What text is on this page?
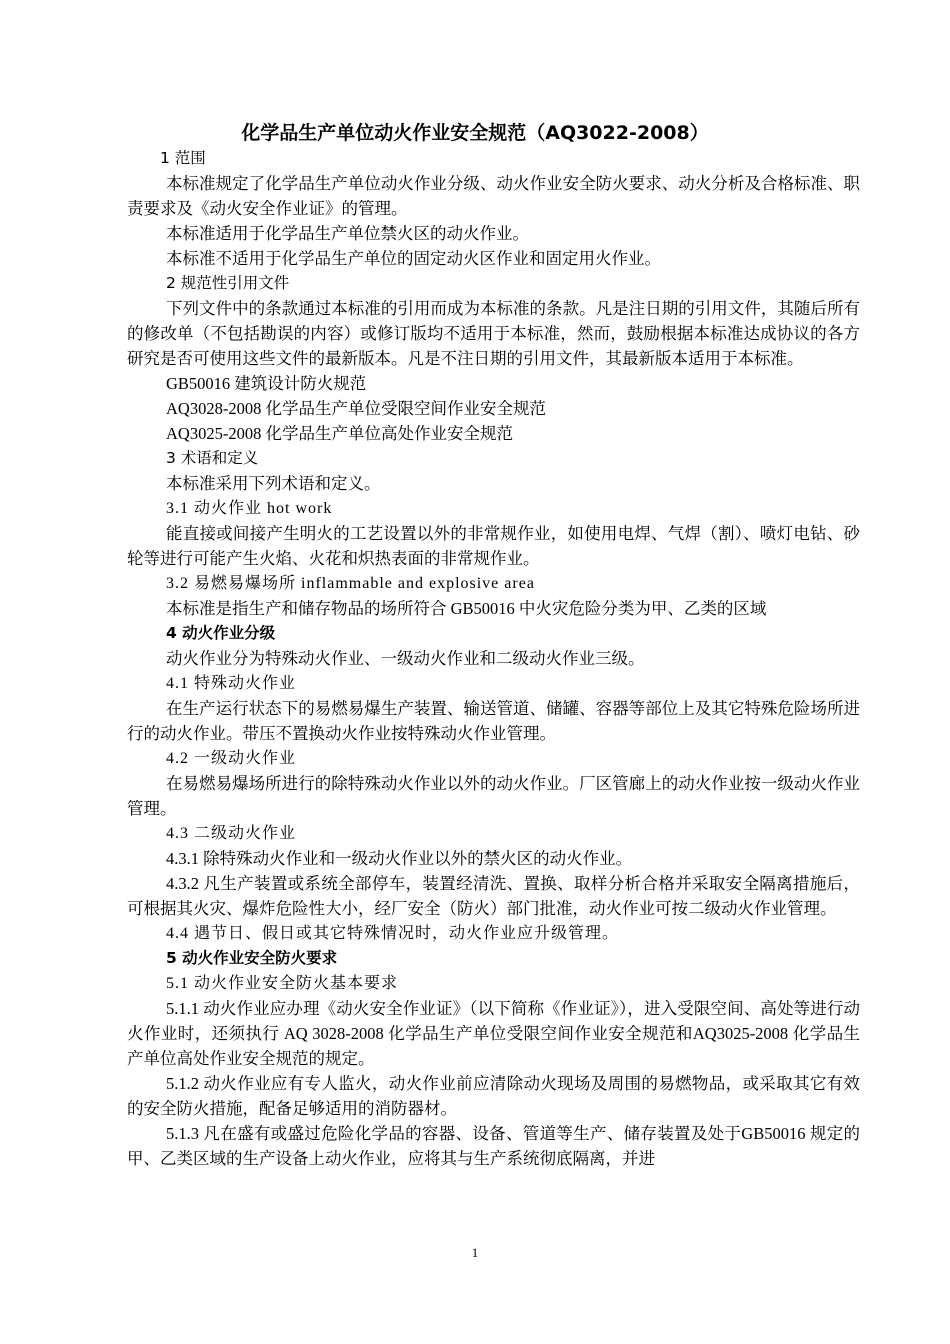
化学品生产单位动火作业安全规范（AQ3022-2008）

1 范围

本标准规定了化学品生产单位动火作业分级、动火作业安全防火要求、动火分析及合格标准、职责要求及《动火安全作业证》的管理。

本标准适用于化学品生产单位禁火区的动火作业。

本标准不适用于化学品生产单位的固定动火区作业和固定用火作业。

2 规范性引用文件

下列文件中的条款通过本标准的引用而成为本标准的条款。凡是注日期的引用文件，其随后所有的修改单（不包括勘误的内容）或修订版均不适用于本标准，然而，鼓励根据本标准达成协议的各方研究是否可使用这些文件的最新版本。凡是不注日期的引用文件，其最新版本适用于本标准。

GB50016 建筑设计防火规范

AQ3028-2008 化学品生产单位受限空间作业安全规范

AQ3025-2008 化学品生产单位高处作业安全规范

3 术语和定义

本标准采用下列术语和定义。

3.1 动火作业 hot work

能直接或间接产生明火的工艺设置以外的非常规作业，如使用电焊、气焊（割）、喷灯电钻、砂轮等进行可能产生火焰、火花和炽热表面的非常规作业。

3.2 易燃易爆场所 inflammable and explosive area

本标准是指生产和储存物品的场所符合 GB50016 中火灾危险分类为甲、乙类的区域

4 动火作业分级

动火作业分为特殊动火作业、一级动火作业和二级动火作业三级。

4.1 特殊动火作业

在生产运行状态下的易燃易爆生产装置、输送管道、储罐、容器等部位上及其它特殊危险场所进行的动火作业。带压不置换动火作业按特殊动火作业管理。

4.2 一级动火作业

在易燃易爆场所进行的除特殊动火作业以外的动火作业。厂区管廊上的动火作业按一级动火作业管理。

4.3 二级动火作业

4.3.1 除特殊动火作业和一级动火作业以外的禁火区的动火作业。

4.3.2 凡生产装置或系统全部停车，装置经清洗、置换、取样分析合格并采取安全隔离措施后，可根据其火灾、爆炸危险性大小，经厂安全（防火）部门批准，动火作业可按二级动火作业管理。

4.4 遇节日、假日或其它特殊情况时，动火作业应升级管理。

5 动火作业安全防火要求

5.1 动火作业安全防火基本要求

5.1.1 动火作业应办理《动火安全作业证》（以下简称《作业证》），进入受限空间、高处等进行动火作业时，还须执行 AQ 3028-2008 化学品生产单位受限空间作业安全规范和AQ3025-2008 化学品生产单位高处作业安全规范的规定。

5.1.2 动火作业应有专人监火，动火作业前应清除动火现场及周围的易燃物品，或采取其它有效的安全防火措施，配备足够适用的消防器材。

5.1.3 凡在盛有或盛过危险化学品的容器、设备、管道等生产、储存装置及处于GB50016 规定的甲、乙类区域的生产设备上动火作业，应将其与生产系统彻底隔离，并进

1
